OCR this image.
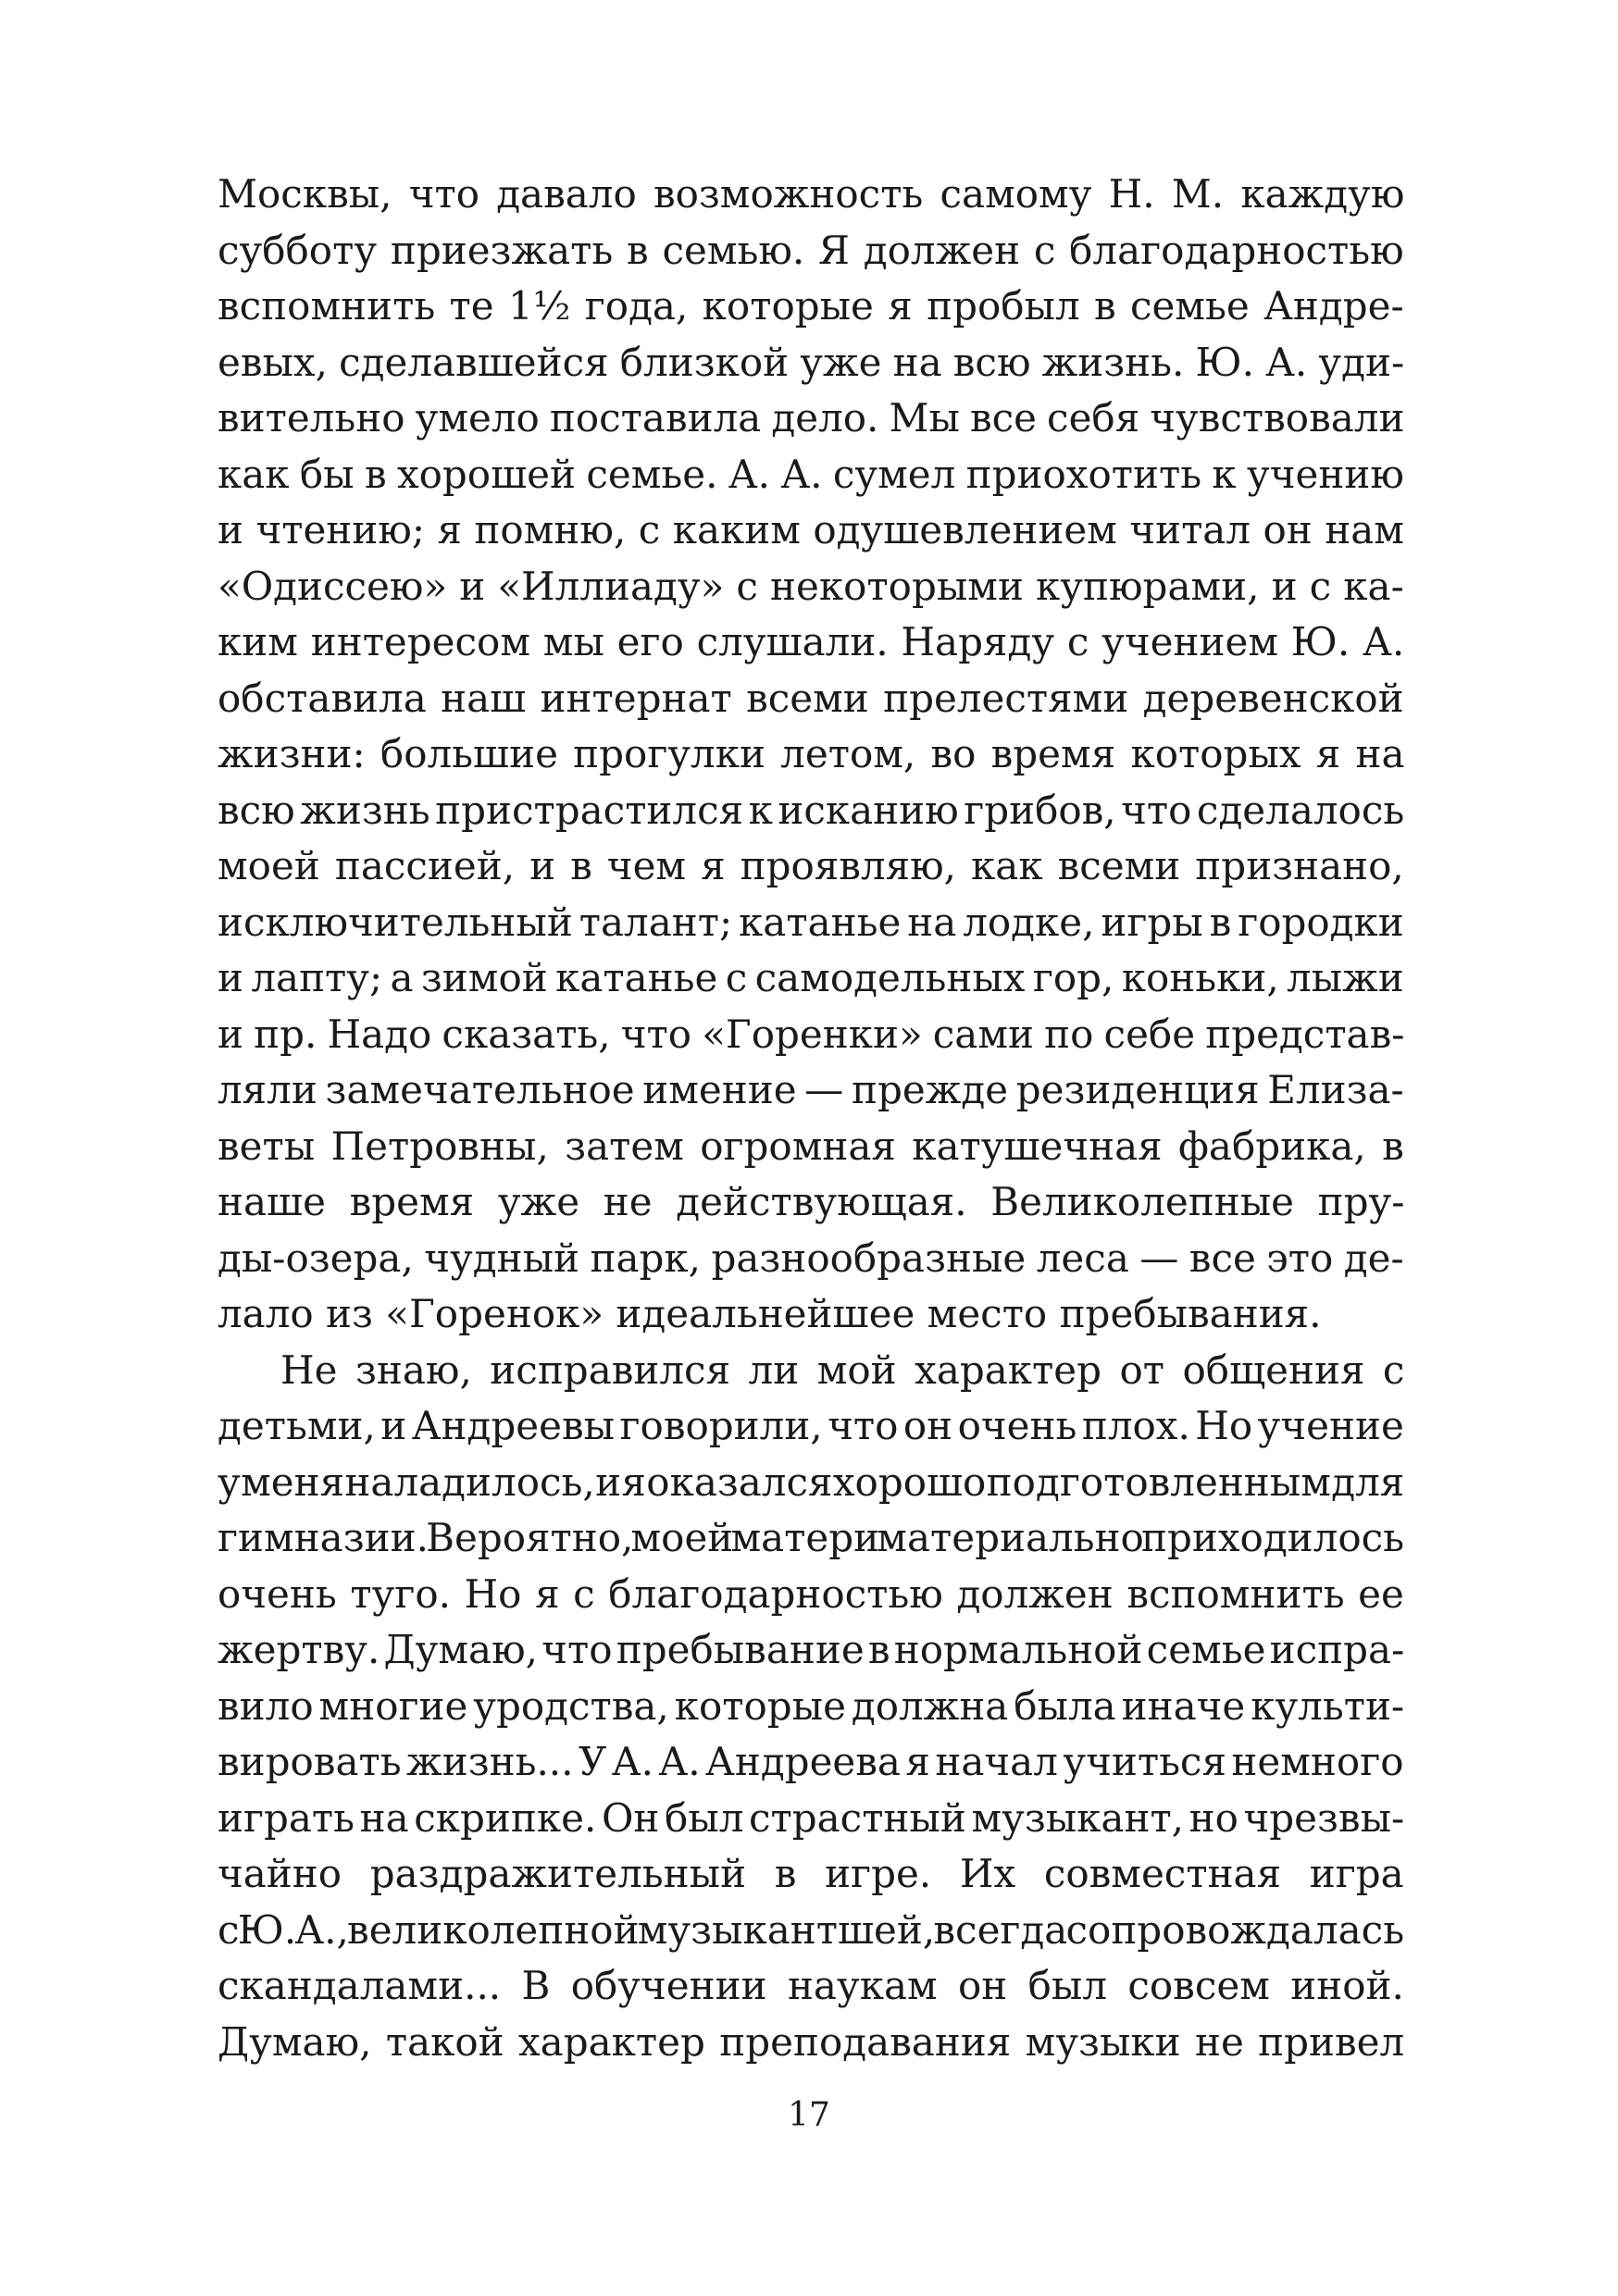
Москвы, что давало возможность самому Н. М. каждую
субботу приезжать в семью. Я должен с благодарностью
вспомнить те 1½ года, которые я пробыл в семье Андре-
евых, сделавшейся близкой уже на всю жизнь. Ю. А. уди-
вительно умело поставила дело. Мы все себя чувствовали
как бы в хорошей семье. А. А. сумел приохотить к учению
и чтению; я помню, с каким одушевлением читал он нам
«Одиссею» и «Иллиаду» с некоторыми купюрами, и с ка-
ким интересом мы его слушали. Наряду с учением Ю. А.
обставила наш интернат всеми прелестями деревенской
жизни: большие прогулки летом, во время которых я на
всю жизнь пристрастился к исканию грибов, что сделалось
моей пассией, и в чем я проявляю, как всеми признано,
исключительный талант; катанье на лодке, игры в городки
и лапту; а зимой катанье с самодельных гор, коньки, лыжи
и пр. Надо сказать, что «Горенки» сами по себе представ-
ляли замечательное имение — прежде резиденция Елиза-
веты Петровны, затем огромная катушечная фабрика, в
наше время уже не действующая. Великолепные пру-
ды-озера, чудный парк, разнообразные леса — все это де-
лало из «Горенок» идеальнейшее место пребывания.
Не знаю, исправился ли мой характер от общения с
детьми, и Андреевы говорили, что он очень плох. Но учение
у меня наладилось, и я оказался хорошо подготовленным для
гимназии. Вероятно, моей матери материально приходилось
очень туго. Но я с благодарностью должен вспомнить ее
жертву. Думаю, что пребывание в нормальной семье испра-
вило многие уродства, которые должна была иначе культи-
вировать жизнь... У А. А. Андреева я начал учиться немного
играть на скрипке. Он был страстный музыкант, но чрезвы-
чайно раздражительный в игре. Их совместная игра
с Ю. А., великолепной музыкантшей, всегда сопровождалась
скандалами... В обучении наукам он был совсем иной.
Думаю, такой характер преподавания музыки не привел
17
